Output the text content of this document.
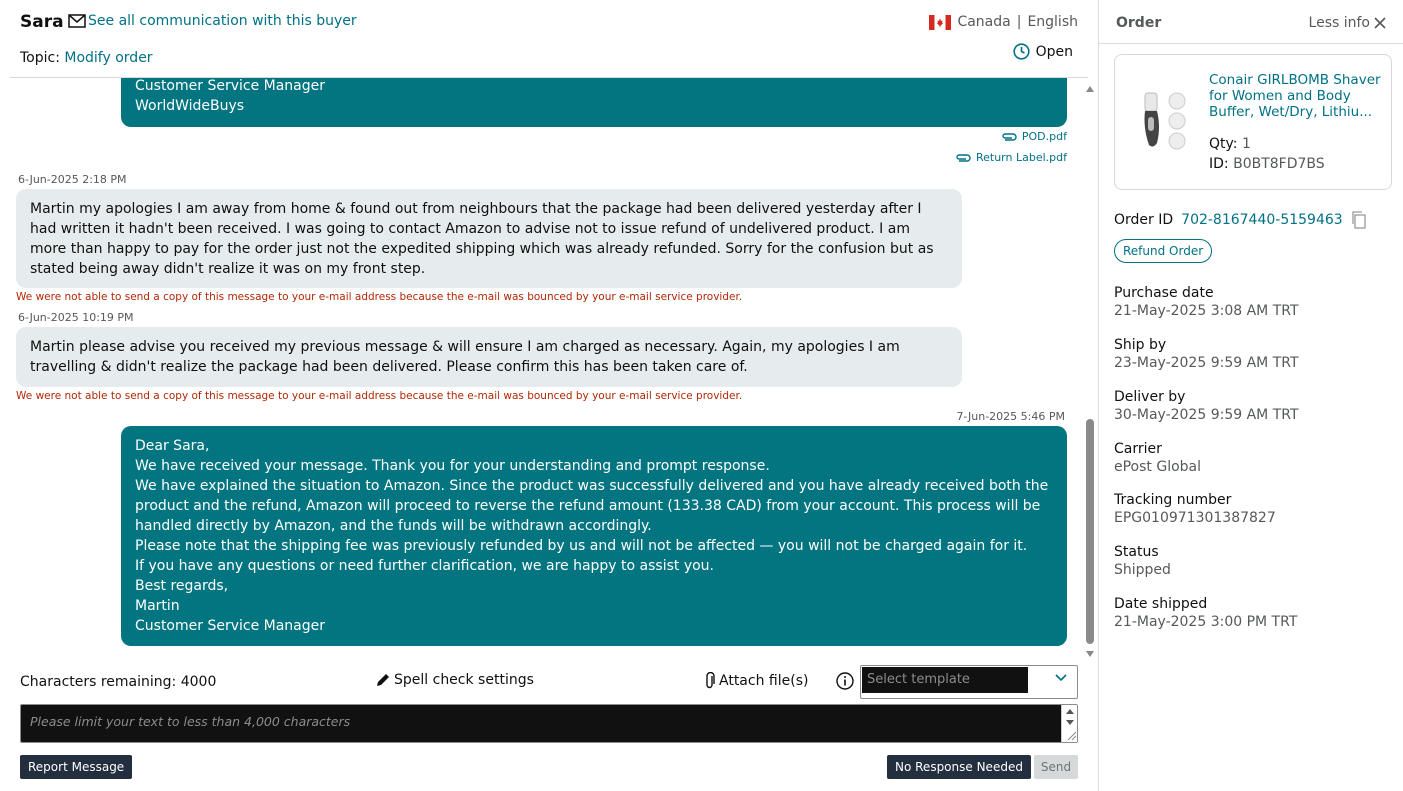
Sara See all communication with this buyer	Canada | English
Topic: Modify order	Open
Customer Service Manager
WorldWideBuys
POD.pdf
Return Label.pdf
6-Jun-2025 2:18 PM
Martin my apologies I am away from home & found out from neighbours that the package had been delivered yesterday after I had written it hadn't been received. I was going to contact Amazon to advise not to issue refund of undelivered product. I am more than happy to pay for the order just not the expedited shipping which was already refunded. Sorry for the confusion but as stated being away didn't realize it was on my front step.
We were not able to send a copy of this message to your e-mail address because the e-mail was bounced by your e-mail service provider.
6-Jun-2025 10:19 PM
Martin please advise you received my previous message & will ensure I am charged as necessary. Again, my apologies I am travelling & didn't realize the package had been delivered. Please confirm this has been taken care of.
We were not able to send a copy of this message to your e-mail address because the e-mail was bounced by your e-mail service provider.
7-Jun-2025 5:46 PM
Dear Sara,
We have received your message. Thank you for your understanding and prompt response.
We have explained the situation to Amazon. Since the product was successfully delivered and you have already received both the product and the refund, Amazon will proceed to reverse the refund amount (133.38 CAD) from your account. This process will be handled directly by Amazon, and the funds will be withdrawn accordingly.
Please note that the shipping fee was previously refunded by us and will not be affected — you will not be charged again for it.
If you have any questions or need further clarification, we are happy to assist you.
Best regards,
Martin
Customer Service Manager
Characters remaining: 4000	Spell check settings	Attach file(s)	Select template
Please limit your text to less than 4,000 characters
Report Message	No Response Needed	Send
Order	Less info
Conair GIRLBOMB Shaver for Women and Body Buffer, Wet/Dry, Lithiu...
Qty: 1
ID: B0BT8FD7BS
Order ID 702-8167440-5159463
Refund Order
Purchase date
21-May-2025 3:08 AM TRT
Ship by
23-May-2025 9:59 AM TRT
Deliver by
30-May-2025 9:59 AM TRT
Carrier
ePost Global
Tracking number
EPG010971301387827
Status
Shipped
Date shipped
21-May-2025 3:00 PM TRT
